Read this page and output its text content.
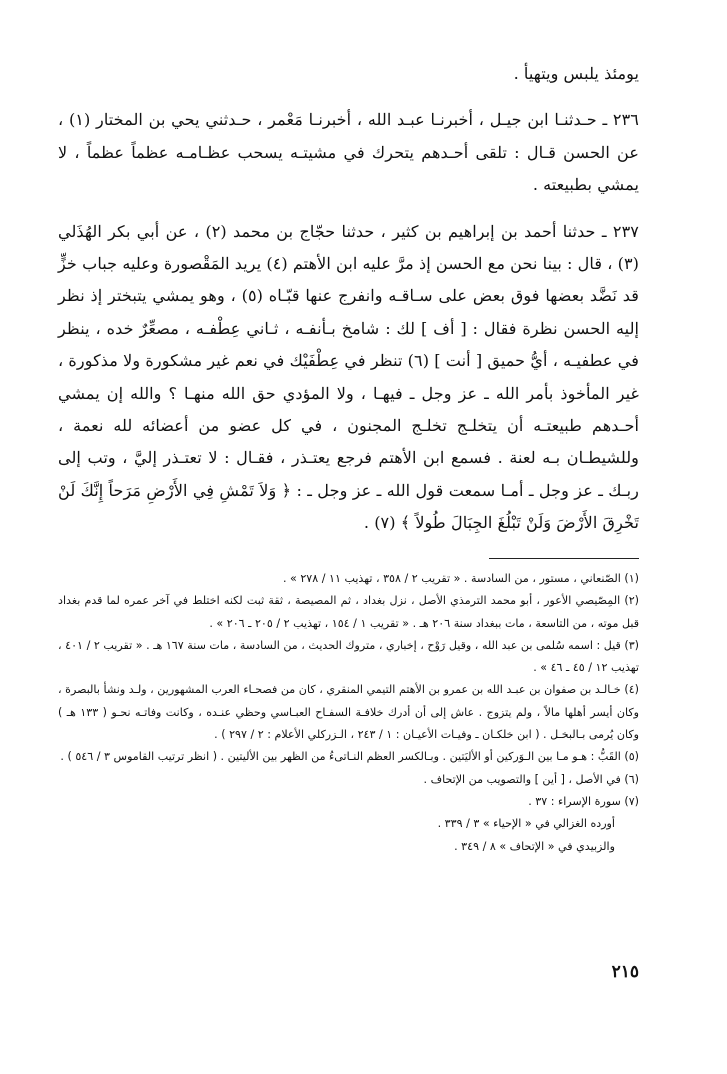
يومئذ يلبس ويتهيأ .

٢٣٦ ـ حـدثنـا ابن جيـل ، أخبرنـا عبـد الله ، أخبرنـا مَعْمر ، حـدثني يحي بن المختار (١) ، عن الحسن قـال : تلقى أحـدهم يتحرك في مشيتـه يسحب عظـامـه عظماً عظماً ، لا يمشي بطبيعته .

٢٣٧ ـ حدثنا أحمد بن إبراهيم بن كثير ، حدثنا حجّاج بن محمد (٢) ، عن أبي بكر الهُذَلي (٣) ، قال : بينا نحن مع الحسن إذ مرَّ عليه ابن الأهتم (٤) يريد المَقْصورة وعليه جباب خزٍّ قد نَضَّد بعضها فوق بعض على سـاقـه وانفرج عنها قبّـاه (٥) ، وهو يمشي يتبختر إذ نظر إليه الحسن نظرة فقال : [ أف ] لك : شامخ بـأنفـه ، ثـاني عِطْفـه ، مصعِّرٌ خده ، ينظر في عطفيـه ، أيُّ حميق [ أنت ] (٦) تنظر في عِطْفَيْك في نعم غير مشكورة ولا مذكورة ، غير المأخوذ بأمر الله ـ عز وجل ـ فيهـا ، ولا المؤدي حق الله منهـا ؟ والله إن يمشي أحـدهم طبيعتـه أن يتخلـج تخلـج المجنون ، في كل عضو من أعضائه لله نعمة ، وللشيطـان بـه لعنة . فسمع ابن الأهتم فرجع يعتـذر ، فقـال : لا تعتـذر إليَّ ، وتب إلى ربـك ـ عز وجل ـ أمـا سمعت قول الله ـ عز وجل ـ : ﴿ وَلاَ تَمْشِ فِي الأَرْضِ مَرَحاً إِنَّكَ لَنْ تَخْرِقَ الأَرْضَ وَلَنْ تَبْلُغَ الجِبَالَ طُولاً ﴾ (٧) .

(١) الصّنعاني ، مستور ، من السادسة . « تقريب ٢ / ٣٥٨ ، تهذيب ١١ / ٢٧٨ » .

(٢) المِصّيصي الأعور ، أبو محمد الترمذي الأصل ، نزل بغداد ، ثم المصيصة ، ثقة ثبت لكنه اختلط في آخر عمره لما قدم بغداد قبل موته ، من التاسعة ، مات ببغداد سنة ٢٠٦ هـ . « تقريب ١ / ١٥٤ ، تهذيب ٢ / ٢٠٥ ـ ٢٠٦ » .

(٣) قيل : اسمه سُلمى بن عبد الله ، وقيل رَوْح ، إخباري ، متروك الحديث ، من السادسة ، مات سنة ١٦٧ هـ . « تقريب ٢ / ٤٠١ ، تهذيب ١٢ / ٤٥ ـ ٤٦ » .

(٤) خـالـد بن صفوان بن عبـد الله بن عمرو بن الأهتم التيمي المنقري ، كان من فصحـاء العرب المشهورين ، ولـد ونشأ بالبصرة ، وكان أيسر أهلها مالاً ، ولم يتزوج . عاش إلى أن أدرك خلافـة السفـاح العبـاسي وحظي عنـده ، وكانت وفاتـه نحـو ( ١٣٣ هـ ) وكان يُرمى بـالبخـل . ( ابن خلكـان ـ وفيـات الأعيـان : ١ / ٢٤٣ ، الـزركلي الأعلام : ٢ / ٢٩٧ ) .

(٥) القَبُّ : هـو مـا بين الـوَركين أو الأليَتين . وبـالكسر العظم النـاتىءُ من الظهر بين الأليتين . ( انظر ترتيب القاموس ٣ / ٥٤٦ ) .

(٦) في الأصل ، [ أين ] والتصويب من الإتحاف .

(٧) سورة الإسراء : ٣٧ .

أورده الغزالي في « الإحياء » ٣ / ٣٣٩ .

والزبيدي في « الإتحاف » ٨ / ٣٤٩ .

٢١٥
